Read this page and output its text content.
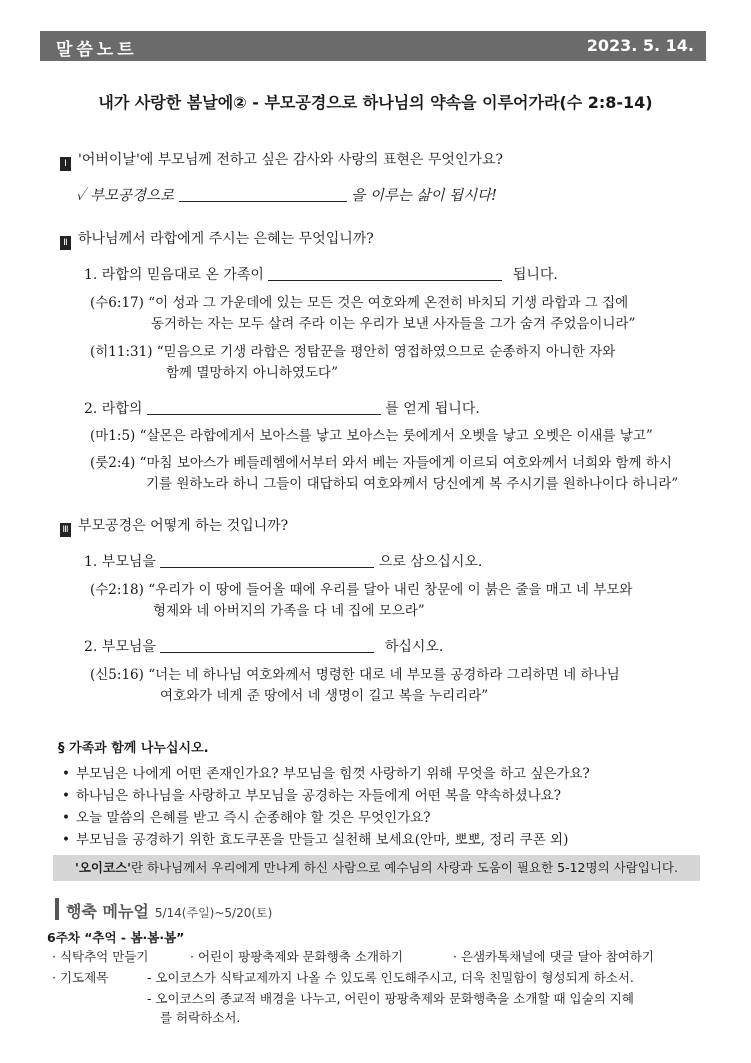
말씀노트	2023. 5. 14.
내가 사랑한 봄날에② - 부모공경으로 하나님의 약속을 이루어가라(수 2:8-14)
Ⅰ '어버이날'에 부모님께 전하고 싶은 감사와 사랑의 표현은 무엇인가요?
✓ 부모공경으로	을 이루는 삶이 됩시다!
Ⅱ 하나님께서 라합에게 주시는 은혜는 무엇입니까?
1. 라합의 믿음대로 온 가족이	됩니다.
(수6:17) “이 성과 그 가운데에 있는 모든 것은 여호와께 온전히 바치되 기생 라합과 그 집에
동거하는 자는 모두 살려 주라 이는 우리가 보낸 사자들을 그가 숨겨 주었음이니라”
(히11:31) “믿음으로 기생 라합은 정탐꾼을 평안히 영접하였으므로 순종하지 아니한 자와
함께 멸망하지 아니하였도다”
2. 라합의	를 얻게 됩니다.
(마1:5) “살몬은 라합에게서 보아스를 낳고 보아스는 룻에게서 오벳을 낳고 오벳은 이새를 낳고”
(룻2:4) “마침 보아스가 베들레헴에서부터 와서 베는 자들에게 이르되 여호와께서 너희와 함께 하시
기를 원하노라 하니 그들이 대답하되 여호와께서 당신에게 복 주시기를 원하나이다 하니라”
Ⅲ 부모공경은 어떻게 하는 것입니까?
1. 부모님을	으로 삼으십시오.
(수2:18) “우리가 이 땅에 들어올 때에 우리를 달아 내린 창문에 이 붉은 줄을 매고 네 부모와
형제와 네 아버지의 가족을 다 네 집에 모으라”
2. 부모님을	하십시오.
(신5:16) “너는 네 하나님 여호와께서 명령한 대로 네 부모를 공경하라 그리하면 네 하나님
여호와가 네게 준 땅에서 네 생명이 길고 복을 누리리라”
§ 가족과 함께 나누십시오.
• 부모님은 나에게 어떤 존재인가요? 부모님을 힘껏 사랑하기 위해 무엇을 하고 싶은가요?
• 하나님은 하나님을 사랑하고 부모님을 공경하는 자들에게 어떤 복을 약속하셨나요?
• 오늘 말씀의 은혜를 받고 즉시 순종해야 할 것은 무엇인가요?
• 부모님을 공경하기 위한 효도쿠폰을 만들고 실천해 보세요(안마, 뽀뽀, 정리 쿠폰 외)
'오이코스'란 하나님께서 우리에게 만나게 하신 사람으로 예수님의 사랑과 도움이 필요한 5-12명의 사람입니다.
행축 메뉴얼 5/14(주일)~5/20(토)
6주차 “추억 - 봄·봄·봄”
· 식탁추억 만들기	· 어린이 팡팡축제와 문화행축 소개하기	· 은샘카톡채널에 댓글 달아 참여하기
· 기도제목	- 오이코스가 식탁교제까지 나올 수 있도록 인도해주시고, 더욱 친밀함이 형성되게 하소서.
- 오이코스의 종교적 배경을 나누고, 어린이 팡팡축제와 문화행축을 소개할 때 입술의 지혜
를 허락하소서.
